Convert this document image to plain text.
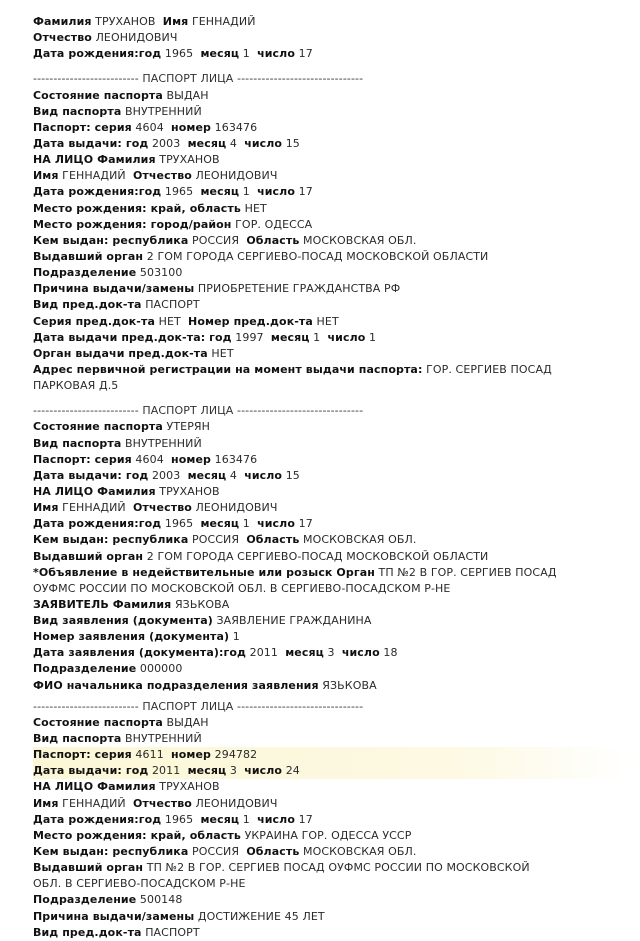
Фамилия ТРУХАНОВ Имя ГЕННАДИЙ
Отчество ЛЕОНИДОВИЧ
Дата рождения:год 1965 месяц 1 число 17
-------------------------- ПАСПОРТ ЛИЦА -------------------------------
Состояние паспорта ВЫДАН
Вид паспорта ВНУТРЕННИЙ
Паспорт: серия 4604 номер 163476
Дата выдачи: год 2003 месяц 4 число 15
НА ЛИЦО Фамилия ТРУХАНОВ
Имя ГЕННАДИЙ Отчество ЛЕОНИДОВИЧ
Дата рождения:год 1965 месяц 1 число 17
Место рождения: край, область НЕТ
Место рождения: город/район ГОР. ОДЕССА
Кем выдан: республика РОССИЯ Область МОСКОВСКАЯ ОБЛ.
Выдавший орган 2 ГОМ ГОРОДА СЕРГИЕВО-ПОСАД МОСКОВСКОЙ ОБЛАСТИ
Подразделение 503100
Причина выдачи/замены ПРИОБРЕТЕНИЕ ГРАЖДАНСТВА РФ
Вид пред.док-та ПАСПОРТ
Серия пред.док-та НЕТ Номер пред.док-та НЕТ
Дата выдачи пред.док-та: год 1997 месяц 1 число 1
Орган выдачи пред.док-та НЕТ
Адрес первичной регистрации на момент выдачи паспорта: ГОР. СЕРГИЕВ ПОСАД
ПАРКОВАЯ Д.5
-------------------------- ПАСПОРТ ЛИЦА -------------------------------
Состояние паспорта УТЕРЯН
Вид паспорта ВНУТРЕННИЙ
Паспорт: серия 4604 номер 163476
Дата выдачи: год 2003 месяц 4 число 15
НА ЛИЦО Фамилия ТРУХАНОВ
Имя ГЕННАДИЙ Отчество ЛЕОНИДОВИЧ
Дата рождения:год 1965 месяц 1 число 17
Кем выдан: республика РОССИЯ Область МОСКОВСКАЯ ОБЛ.
Выдавший орган 2 ГОМ ГОРОДА СЕРГИЕВО-ПОСАД МОСКОВСКОЙ ОБЛАСТИ
*Объявление в недействительные или розыск Орган ТП №2 В ГОР. СЕРГИЕВ ПОСАД
ОУФМС РОССИИ ПО МОСКОВСКОЙ ОБЛ. В СЕРГИЕВО-ПОСАДСКОМ Р-НЕ
ЗАЯВИТЕЛЬ Фамилия ЯЗЬКОВА
Вид заявления (документа) ЗАЯВЛЕНИЕ ГРАЖДАНИНА
Номер заявления (документа) 1
Дата заявления (документа):год 2011 месяц 3 число 18
Подразделение 000000
ФИО начальника подразделения заявления ЯЗЬКОВА
-------------------------- ПАСПОРТ ЛИЦА -------------------------------
Состояние паспорта ВЫДАН
Вид паспорта ВНУТРЕННИЙ
Паспорт: серия 4611 номер 294782
Дата выдачи: год 2011 месяц 3 число 24
НА ЛИЦО Фамилия ТРУХАНОВ
Имя ГЕННАДИЙ Отчество ЛЕОНИДОВИЧ
Дата рождения:год 1965 месяц 1 число 17
Место рождения: край, область УКРАИНА ГОР. ОДЕССА УССР
Кем выдан: республика РОССИЯ Область МОСКОВСКАЯ ОБЛ.
Выдавший орган ТП №2 В ГОР. СЕРГИЕВ ПОСАД ОУФМС РОССИИ ПО МОСКОВСКОЙ
ОБЛ. В СЕРГИЕВО-ПОСАДСКОМ Р-НЕ
Подразделение 500148
Причина выдачи/замены ДОСТИЖЕНИЕ 45 ЛЕТ
Вид пред.док-та ПАСПОРТ
